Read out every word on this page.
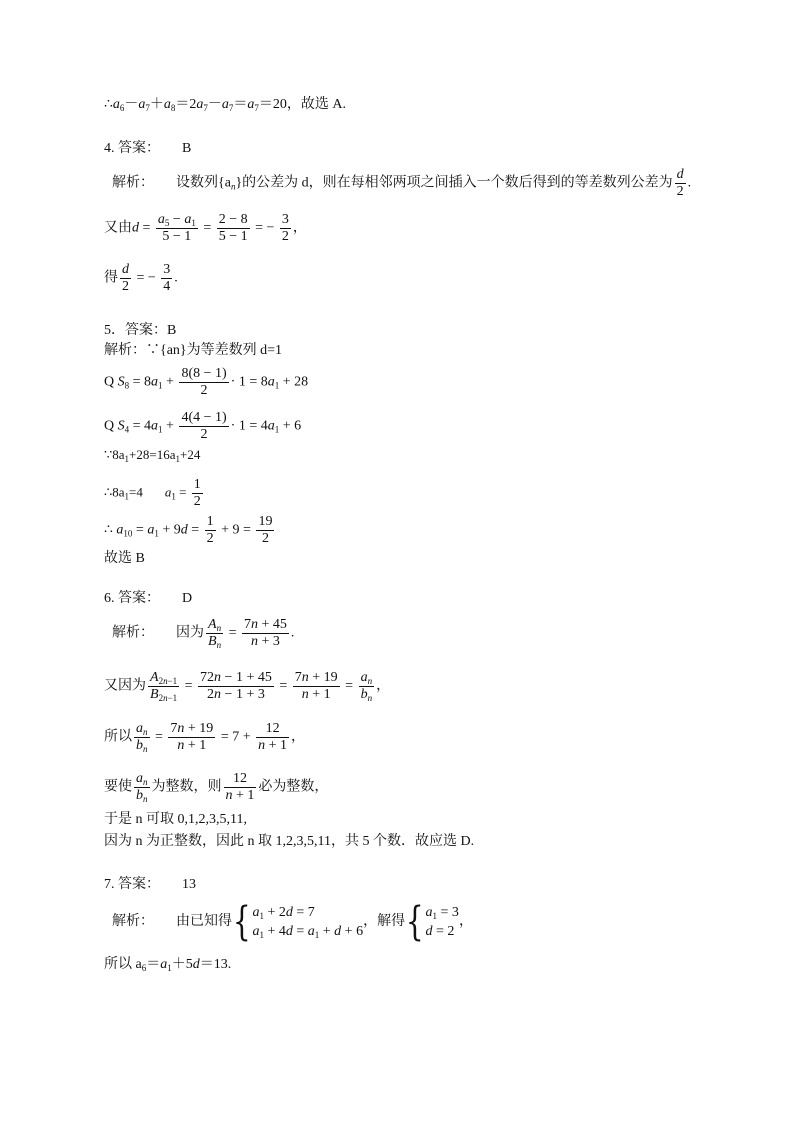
$\therefore a_6-a_7+a_8=2a_7-a_7=a_7=20$，故选 A.
4. 答案： B
解析： 设数列$\{a_n\}$的公差为 d，则在每相邻两项之间插入一个数后得到的等差数列公差为 $\frac{d}{2}$ .
又由$d = \frac{a_5 - a_1}{5 - 1} = \frac{2 - 8}{5 - 1}$ = − $\frac{3}{2}$ ，
得 $\frac{d}{2}$ = − $\frac{3}{4}$ .
5．答案：B
解析：∵{an}为等差数列 d=1
Q $S_8 = 8a_1 + \frac{8(8 - 1)}{2} \cdot 1 = 8a_1 + 28$
Q $S_4 = 4a_1 + \frac{4(4 - 1)}{2} \cdot 1 = 4a_1 + 6$
$\because 8a_1+28=16a_1+24$
$\therefore 8a_1=4$ $a_1 = \frac{1}{2}$
∴ $a_{10} = a_1 + 9d = \frac{1}{2} + 9 = \frac{19}{2}$
故选 B
6. 答案： D
解析： 因为 $\frac{A_n}{B_n} = \frac{7n + 45}{n + 3}$ .
又因为 $\frac{A_{2n-1}}{B_{2n-1}} = \frac{72n - 1 + 45}{2n - 1 + 3} = \frac{7n + 19}{n + 1} = \frac{a_n}{b_n}$ ，
所以 $\frac{a_n}{b_n} = \frac{7n + 19}{n + 1} = 7 + \frac{12}{n + 1}$ ，
要使 $\frac{a_n}{b_n}$ 为整数，则 $\frac{12}{n + 1}$ 必为整数，
于是 n 可取 0,1,2,3,5,11,
因为 n 为正整数，因此 n 取 1,2,3,5,11，共 5 个数．故应选 D.
7. 答案： 13
解析： 由已知得{ $a_1 + 2d = 7$
$a_1 + 4d = a_1 + d + 6$
，解得{ $a_1 = 3$
d = 2
，
所以 $a_6=a_1+5d=13$.
